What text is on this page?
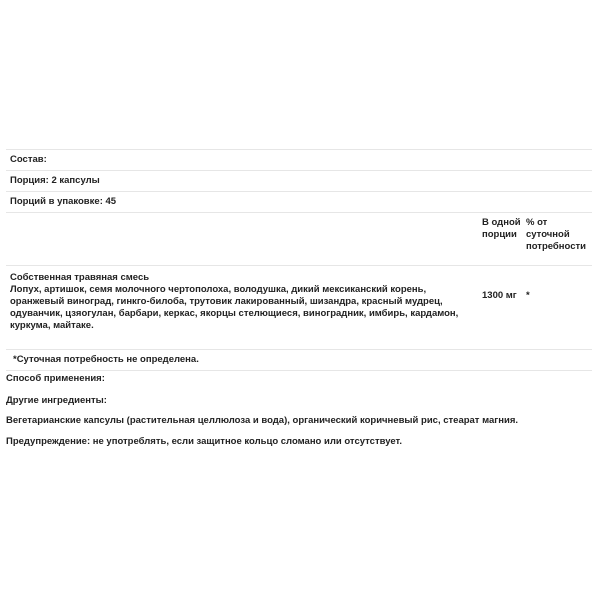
Состав:
Порция: 2 капсулы
Порций в упаковке: 45
В одной порции
% от суточной потребности
Собственная травяная смесь
Лопух, артишок, семя молочного чертополоха, володушка, дикий мексиканский корень, оранжевый виноград, гинкго-билоба, трутовик лакированный, шизандра, красный мудрец, одуванчик, цзяогулан, барбари, керкас, якорцы стелющиеся, виноградник, имбирь, кардамон, куркума, майтаке.
1300 мг *
*Суточная потребность не определена.
Способ применения:
Другие ингредиенты:
Вегетарианские капсулы (растительная целлюлоза и вода), органический коричневый рис, стеарат магния.
Предупреждение: не употреблять, если защитное кольцо сломано или отсутствует.
